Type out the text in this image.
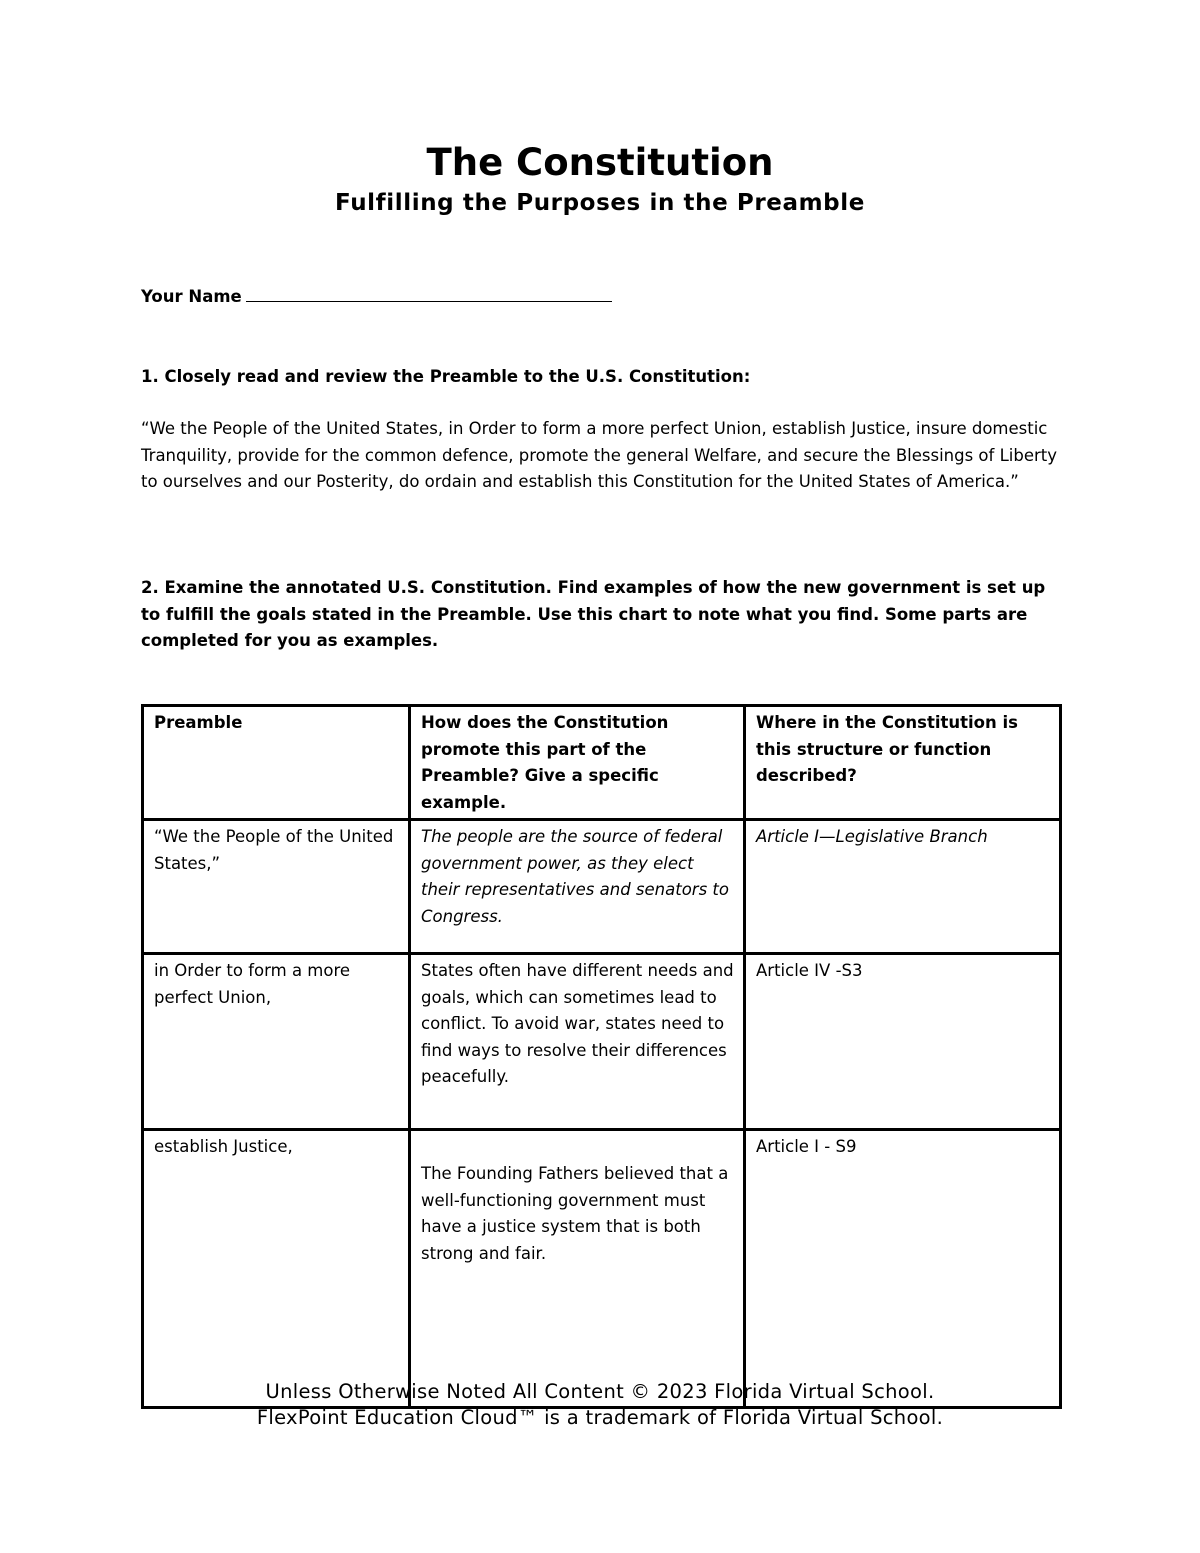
The Constitution
Fulfilling the Purposes in the Preamble
Your Name
1. Closely read and review the Preamble to the U.S. Constitution:

“We the People of the United States, in Order to form a more perfect Union, establish Justice, insure domestic Tranquility, provide for the common defence, promote the general Welfare, and secure the Blessings of Liberty to ourselves and our Posterity, do ordain and establish this Constitution for the United States of America.”

2. Examine the annotated U.S. Constitution. Find examples of how the new government is set up to fulfill the goals stated in the Preamble. Use this chart to note what you find. Some parts are completed for you as examples.

Preamble	How does the Constitution promote this part of the Preamble? Give a specific example.	Where in the Constitution is this structure or function described?
“We the People of the United States,”	The people are the source of federal government power, as they elect their representatives and senators to Congress.	Article I—Legislative Branch
in Order to form a more perfect Union,	States often have different needs and goals, which can sometimes lead to conflict. To avoid war, states need to find ways to resolve their differences peacefully.	Article IV -S3
establish Justice,	The Founding Fathers believed that a well-functioning government must have a justice system that is both strong and fair.	Article I - S9
Unless Otherwise Noted All Content © 2023 Florida Virtual School.
FlexPoint Education Cloud™ is a trademark of Florida Virtual School.
